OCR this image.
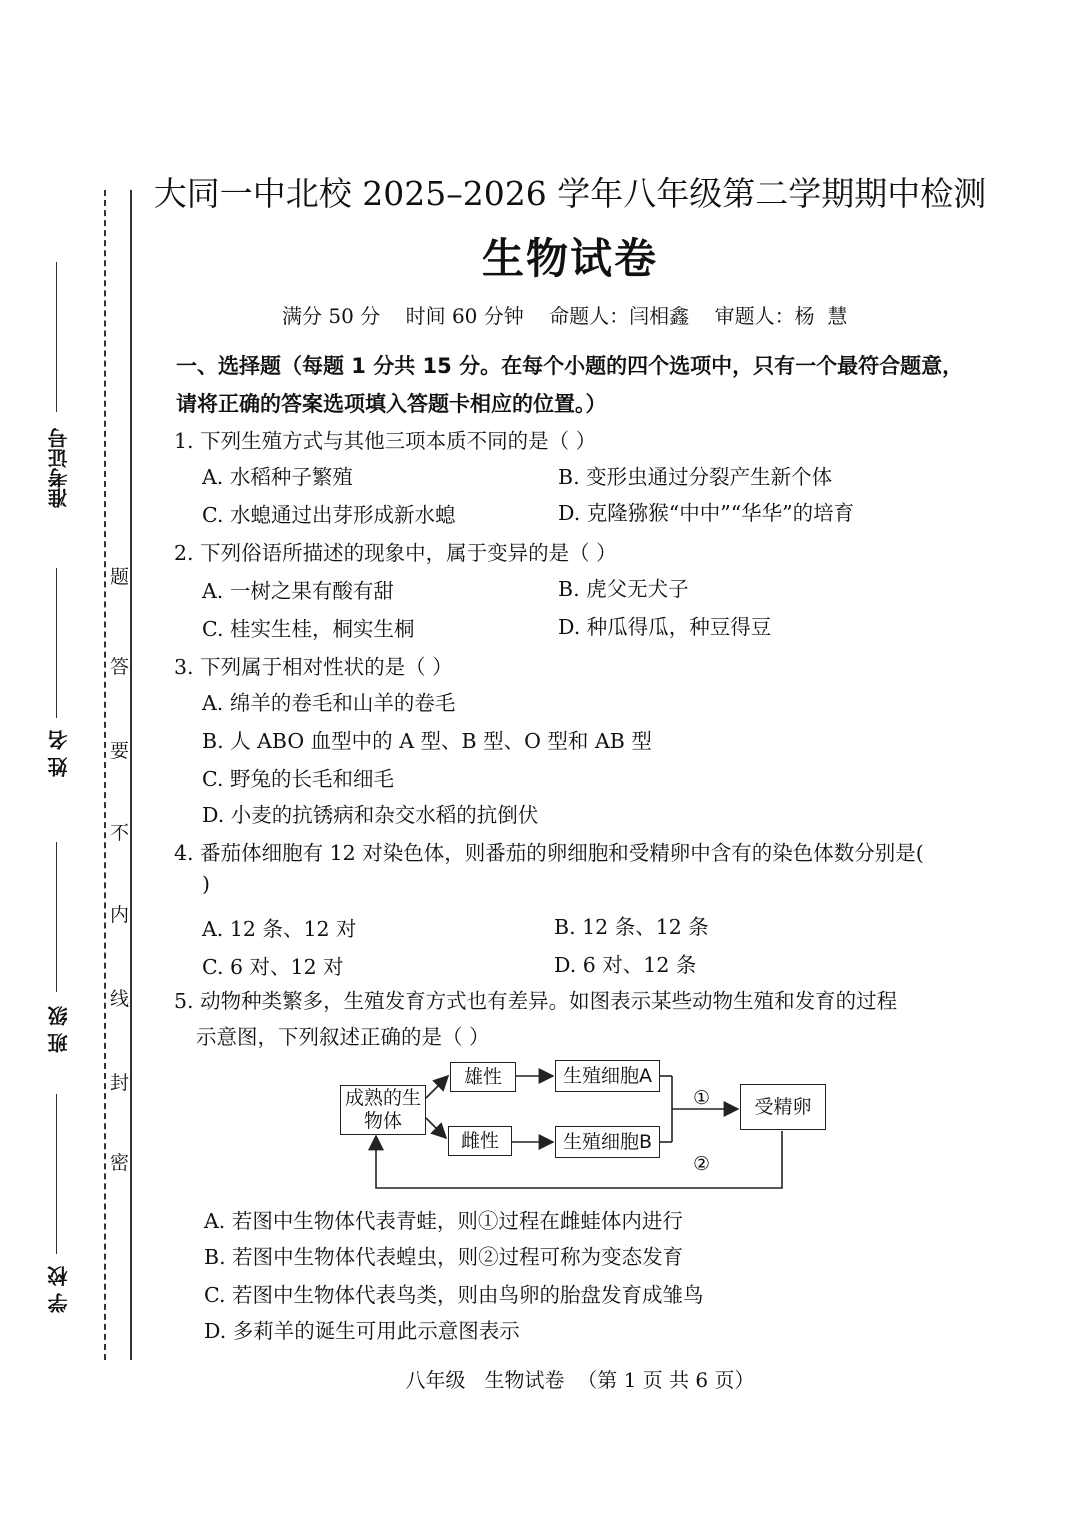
准考证号
姓 名
班 级
学 校
题
答
要
不
内
线
封
密
大同一中北校 2025–2026 学年八年级第二学期期中检测
生物试卷
满分 50 分    时间 60 分钟    命题人：闫相鑫    审题人：杨  慧
一、选择题（每题 1 分共 15 分。在每个小题的四个选项中，只有一个最符合题意，
请将正确的答案选项填入答题卡相应的位置。）
1. 下列生殖方式与其他三项本质不同的是（ ）
A. 水稻种子繁殖	B. 变形虫通过分裂产生新个体
C. 水螅通过出芽形成新水螅	D. 克隆猕猴“中中”“华华”的培育
2. 下列俗语所描述的现象中，属于变异的是（ ）
A. 一树之果有酸有甜	B. 虎父无犬子
C. 桂实生桂，桐实生桐	D. 种瓜得瓜，种豆得豆
3. 下列属于相对性状的是（ ）
A. 绵羊的卷毛和山羊的卷毛
B. 人 ABO 血型中的 A 型、B 型、O 型和 AB 型
C. 野兔的长毛和细毛
D. 小麦的抗锈病和杂交水稻的抗倒伏
4. 番茄体细胞有 12 对染色体，则番茄的卵细胞和受精卵中含有的染色体数分别是(
)
A. 12 条、12 对	B. 12 条、12 条
C. 6 对、12 对	D. 6 对、12 条
5. 动物种类繁多，生殖发育方式也有差异。如图表示某些动物生殖和发育的过程
示意图，下列叙述正确的是（ ）
成熟的生物体
雄性
雌性
生殖细胞A
生殖细胞B
受精卵
①
②
A. 若图中生物体代表青蛙，则①过程在雌蛙体内进行
B. 若图中生物体代表蝗虫，则②过程可称为变态发育
C. 若图中生物体代表鸟类，则由鸟卵的胎盘发育成雏鸟
D. 多莉羊的诞生可用此示意图表示
八年级   生物试卷  （第 1 页 共 6 页）
